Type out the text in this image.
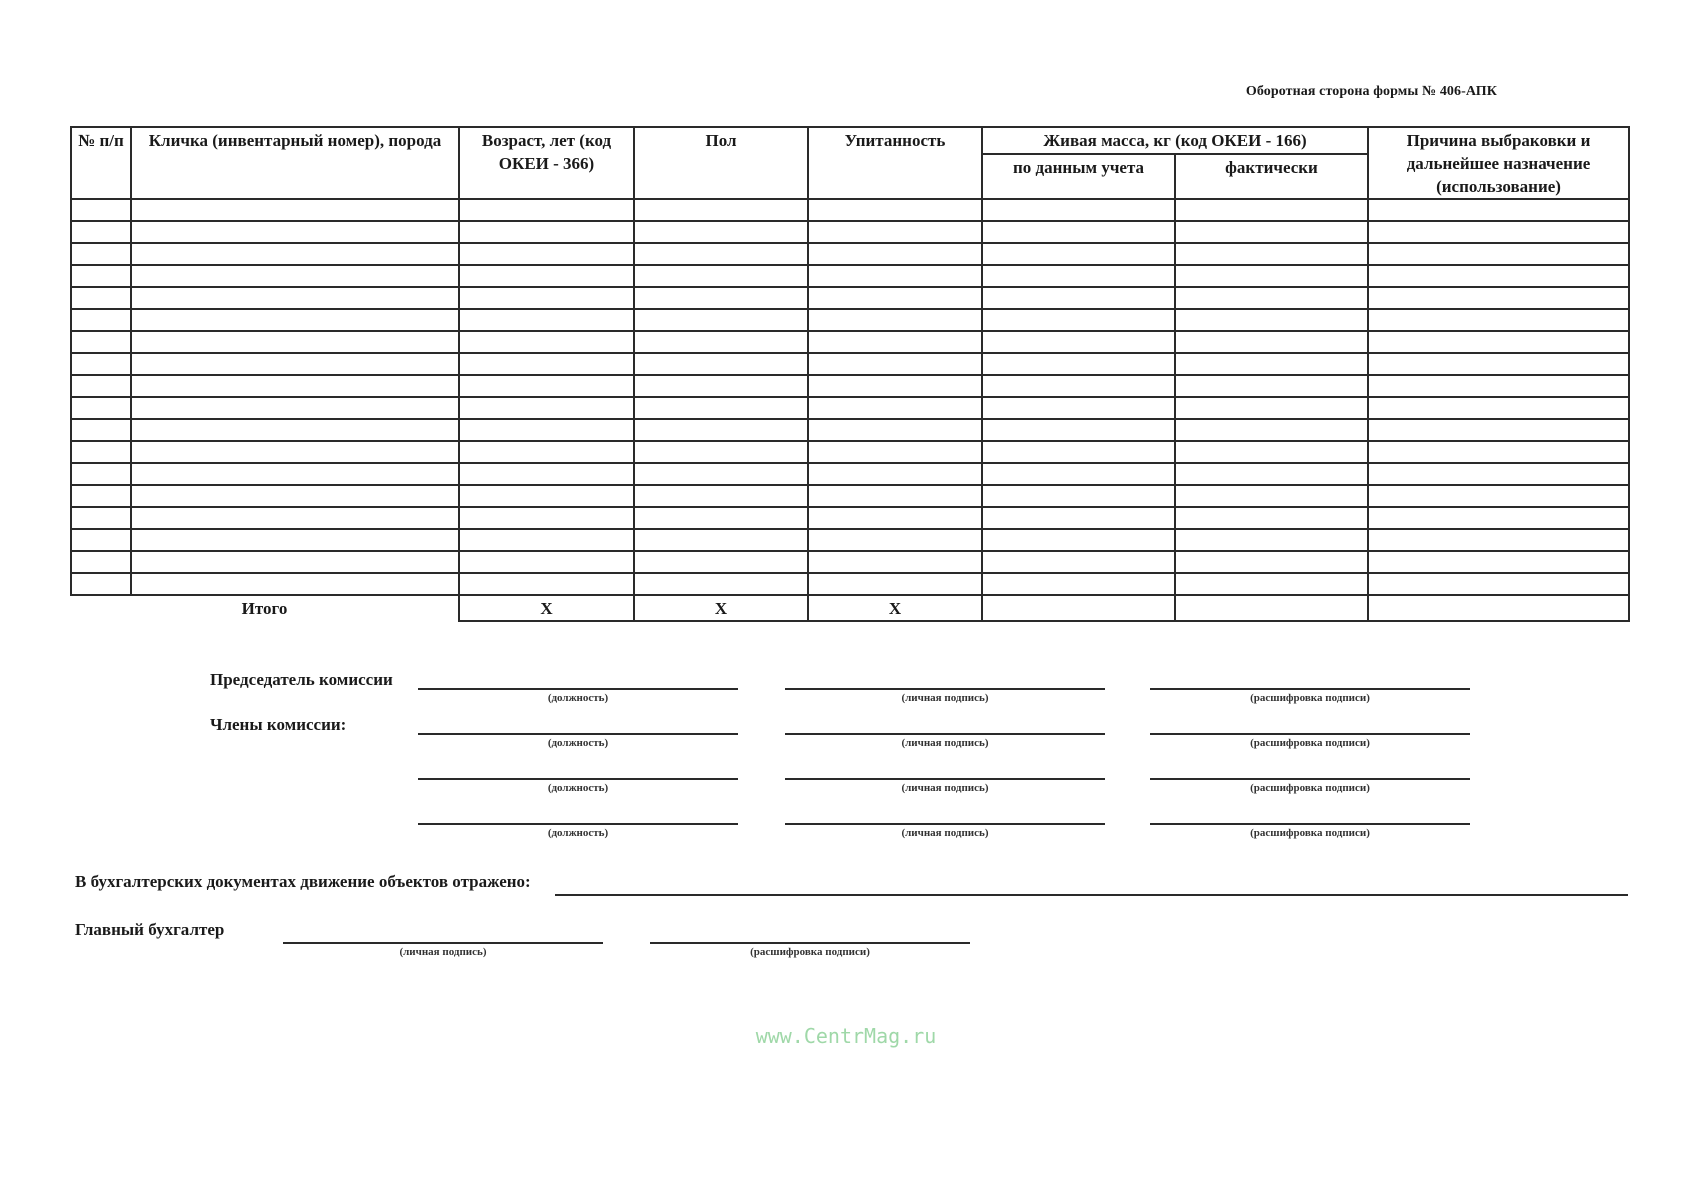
Оборотная сторона формы № 406-АПК
№ п/п	Кличка (инвентарный номер), порода	Возраст, лет (код ОКЕИ - 366)	Пол	Упитанность	Живая масса, кг (код ОКЕИ - 166)		Причина выбраковки и дальнейшее назначение (использование)
					по данным учета	фактически	

Итого		Х	Х	Х			
Председатель комиссии
Члены комиссии:
(должность)	(личная подпись)	(расшифровка подписи)
(должность)	(личная подпись)	(расшифровка подписи)
(должность)	(личная подпись)	(расшифровка подписи)
(должность)	(личная подпись)	(расшифровка подписи)
В бухгалтерских документах движение объектов отражено:
Главный бухгалтер
(личная подпись)	(расшифровка подписи)
www.CentrMag.ru
